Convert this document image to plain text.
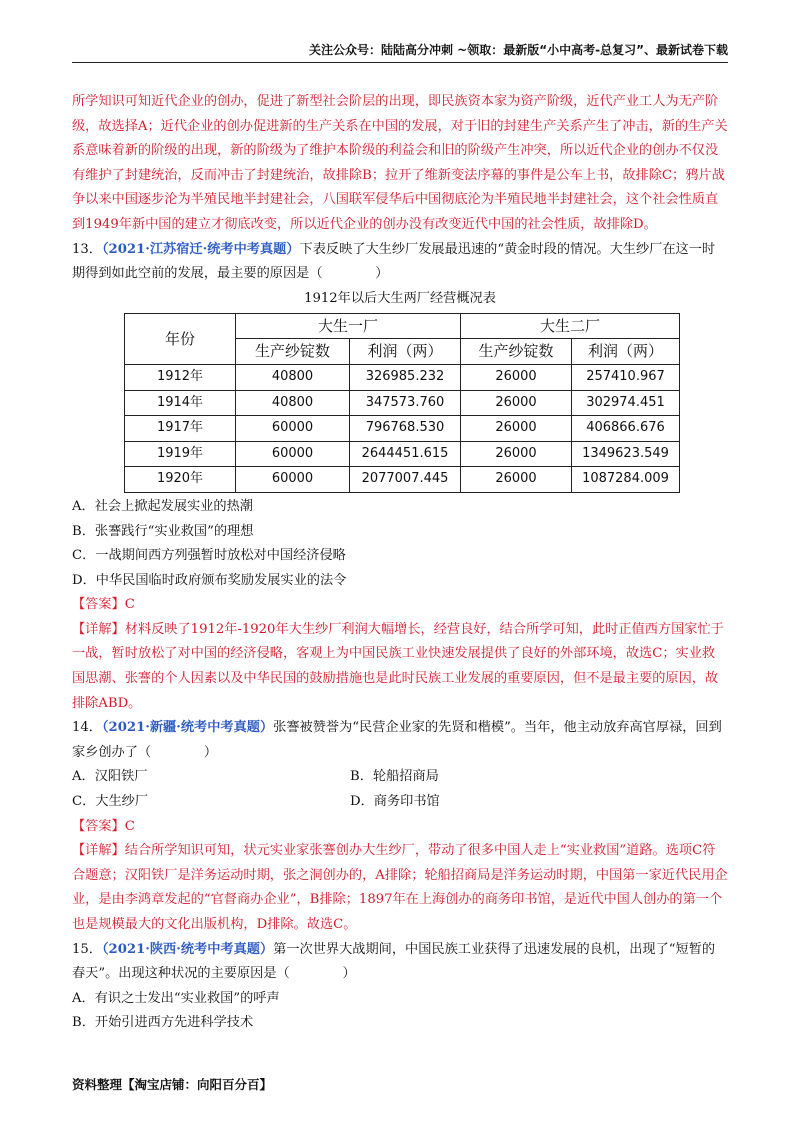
关注公众号：陆陆高分冲刺 ~领取：最新版“小中高考-总复习”、最新试卷下载

所学知识可知近代企业的创办，促进了新型社会阶层的出现，即民族资本家为资产阶级，近代产业工人为无产阶级，故选择A；近代企业的创办促进新的生产关系在中国的发展，对于旧的封建生产关系产生了冲击，新的生产关系意味着新的阶级的出现，新的阶级为了维护本阶级的利益会和旧的阶级产生冲突，所以近代企业的创办不仅没有维护了封建统治，反而冲击了封建统治，故排除B；拉开了维新变法序幕的事件是公车上书，故排除C；鸦片战争以来中国逐步沦为半殖民地半封建社会，八国联军侵华后中国彻底沦为半殖民地半封建社会，这个社会性质直到1949年新中国的建立才彻底改变，所以近代企业的创办没有改变近代中国的社会性质，故排除D。

13．（2021·江苏宿迁·统考中考真题）下表反映了大生纱厂发展最迅速的“黄金时段的情况。大生纱厂在这一时期得到如此空前的发展，最主要的原因是（　　　　）

1912年以后大生两厂经营概况表

年份	大生一厂		大生二厂	
	生产纱锭数	利润（两）	生产纱锭数	利润（两）
1912年	40800	326985.232	26000	257410.967
1914年	40800	347573.760	26000	302974.451
1917年	60000	796768.530	26000	406866.676
1919年	60000	2644451.615	26000	1349623.549
1920年	60000	2077007.445	26000	1087284.009

A．社会上掀起发展实业的热潮

B．张謇践行“实业救国”的理想

C．一战期间西方列强暂时放松对中国经济侵略

D．中华民国临时政府颁布奖励发展实业的法令

【答案】C

【详解】材料反映了1912年-1920年大生纱厂利润大幅增长，经营良好，结合所学可知，此时正值西方国家忙于一战，暂时放松了对中国的经济侵略，客观上为中国民族工业快速发展提供了良好的外部环境，故选C；实业救国思潮、张謇的个人因素以及中华民国的鼓励措施也是此时民族工业发展的重要原因，但不是最主要的原因，故排除ABD。

14．（2021·新疆·统考中考真题）张謇被赞誉为“民营企业家的先贤和楷模”。当年，他主动放弃高官厚禄，回到家乡创办了（　　　　）

A．汉阳铁厂	B．轮船招商局
C．大生纱厂	D．商务印书馆

【答案】C

【详解】结合所学知识可知，状元实业家张謇创办大生纱厂，带动了很多中国人走上“实业救国”道路。选项C符合题意；汉阳铁厂是洋务运动时期，张之洞创办的，A排除；轮船招商局是洋务运动时期，中国第一家近代民用企业，是由李鸿章发起的“官督商办企业”，B排除；1897年在上海创办的商务印书馆，是近代中国人创办的第一个也是规模最大的文化出版机构，D排除。故选C。

15．（2021·陕西·统考中考真题）第一次世界大战期间，中国民族工业获得了迅速发展的良机，出现了“短暂的春天”。出现这种状况的主要原因是（　　　　）

A．有识之士发出“实业救国”的呼声

B．开始引进西方先进科学技术

资料整理【淘宝店铺：向阳百分百】
